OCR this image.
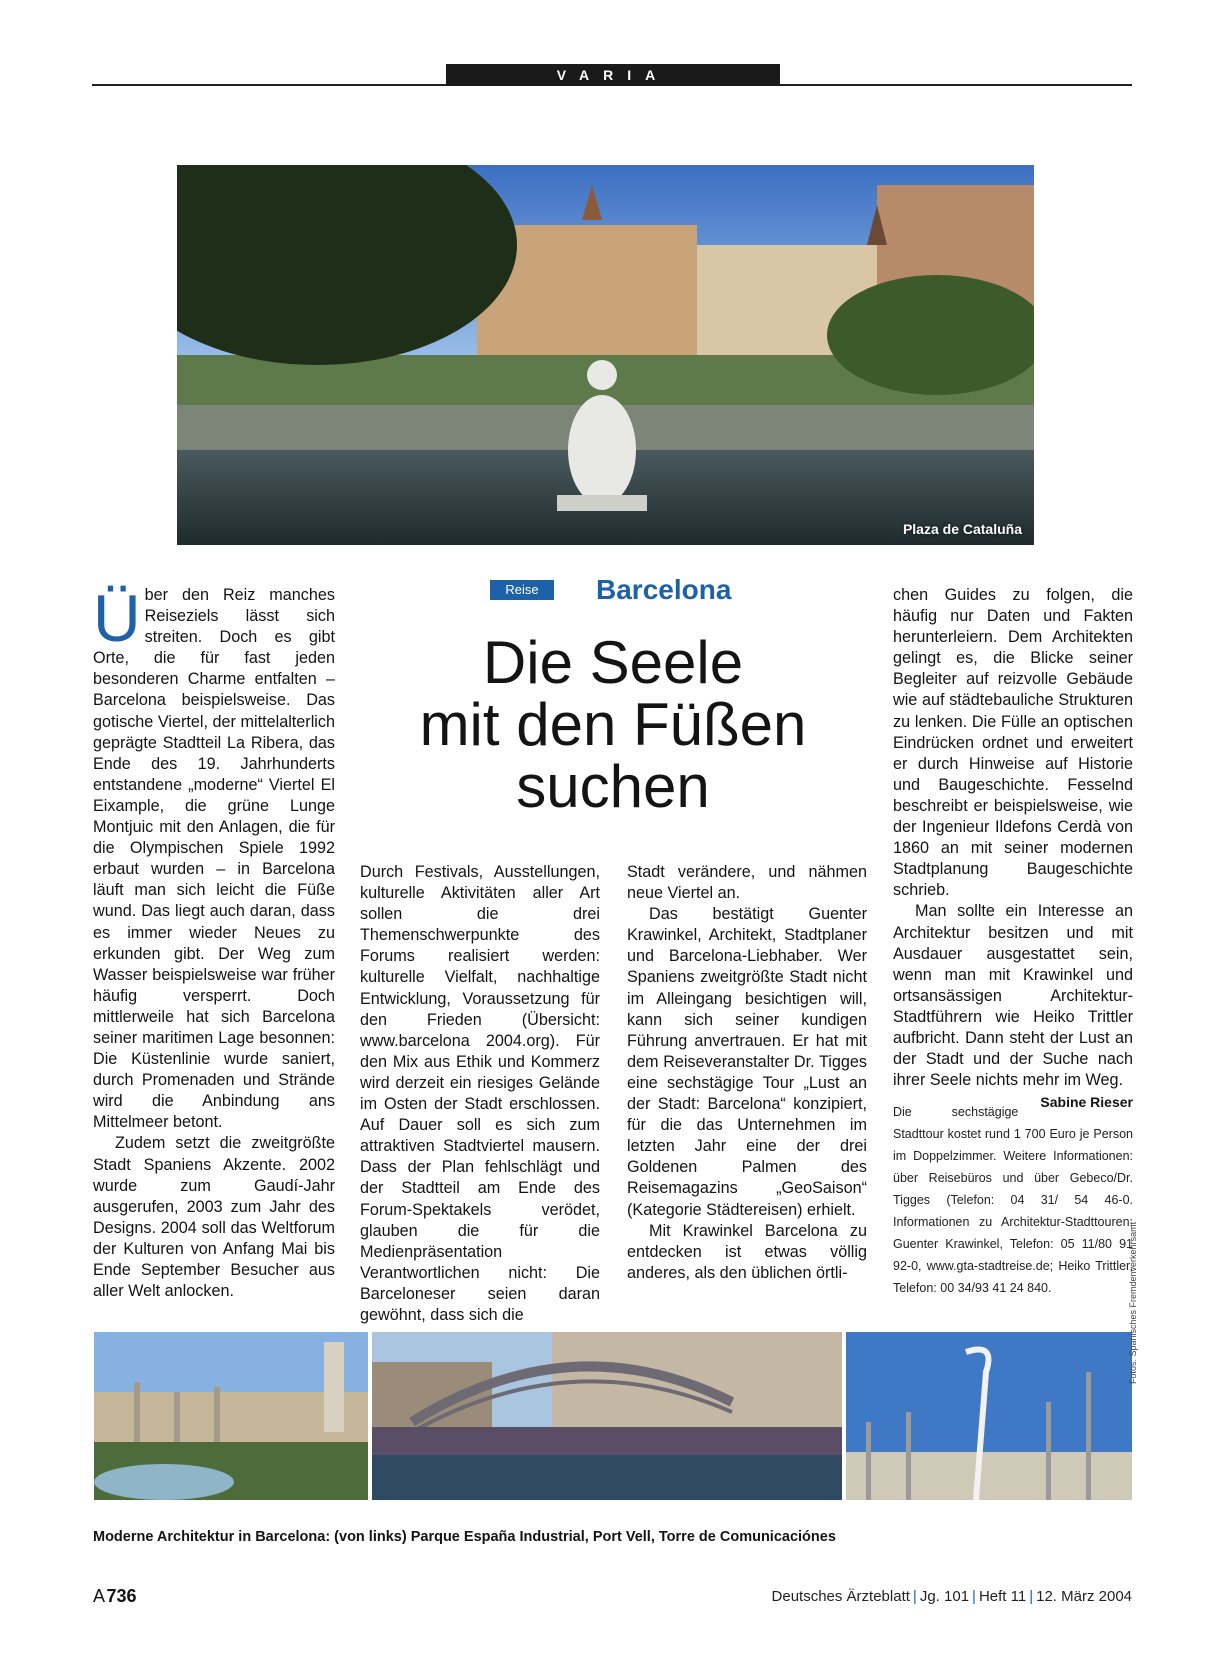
VARIA
Plaza de Cataluña
Ü ber den Reiz manches Reiseziels lässt sich streiten. Doch es gibt Orte, die für fast jeden besonderen Charme entfalten – Barcelona beispielsweise. Das gotische Viertel, der mittelalterlich geprägte Stadtteil La Ribera, das Ende des 19. Jahrhunderts entstandene „moderne“ Viertel El Eixample, die grüne Lunge Montjuic mit den Anlagen, die für die Olympischen Spiele 1992 erbaut wurden – in Barcelona läuft man sich leicht die Füße wund. Das liegt auch daran, dass es immer wieder Neues zu erkunden gibt. Der Weg zum Wasser beispielsweise war früher häufig versperrt. Doch mittlerweile hat sich Barcelona seiner maritimen Lage besonnen: Die Küstenlinie wurde saniert, durch Promenaden und Strände wird die Anbindung ans Mittelmeer betont.

Zudem setzt die zweitgrößte Stadt Spaniens Akzente. 2002 wurde zum Gaudí-Jahr ausgerufen, 2003 zum Jahr des Designs. 2004 soll das Weltforum der Kulturen von Anfang Mai bis Ende September Besucher aus aller Welt anlocken.

Reise	Barcelona
Die Seele
mit den Füßen
suchen

Durch Festivals, Ausstellungen, kulturelle Aktivitäten aller Art sollen die drei Themenschwerpunkte des Forums realisiert werden: kulturelle Vielfalt, nachhaltige Entwicklung, Voraussetzung für den Frieden (Übersicht: www.barcelona 2004.org). Für den Mix aus Ethik und Kommerz wird derzeit ein riesiges Gelände im Osten der Stadt erschlossen. Auf Dauer soll es sich zum attraktiven Stadtviertel mausern. Dass der Plan fehlschlägt und der Stadtteil am Ende des Forum-Spektakels verödet, glauben die für die Medienpräsentation Verantwortlichen nicht: Die Barceloneser seien daran gewöhnt, dass sich die

Stadt verändere, und nähmen neue Viertel an.

Das bestätigt Guenter Krawinkel, Architekt, Stadtplaner und Barcelona-Liebhaber. Wer Spaniens zweitgrößte Stadt nicht im Alleingang besichtigen will, kann sich seiner kundigen Führung anvertrauen. Er hat mit dem Reiseveranstalter Dr. Tigges eine sechstägige Tour „Lust an der Stadt: Barcelona“ konzipiert, für die das Unternehmen im letzten Jahr eine der drei Goldenen Palmen des Reisemagazins „GeoSaison“ (Kategorie Städtereisen) erhielt.

Mit Krawinkel Barcelona zu entdecken ist etwas völlig anderes, als den üblichen örtli-

chen Guides zu folgen, die häufig nur Daten und Fakten herunterleiern. Dem Architekten gelingt es, die Blicke seiner Begleiter auf reizvolle Gebäude wie auf städtebauliche Strukturen zu lenken. Die Fülle an optischen Eindrücken ordnet und erweitert er durch Hinweise auf Historie und Baugeschichte. Fesselnd beschreibt er beispielsweise, wie der Ingenieur Ildefons Cerdà von 1860 an mit seiner modernen Stadtplanung Baugeschichte schrieb.

Man sollte ein Interesse an Architektur besitzen und mit Ausdauer ausgestattet sein, wenn man mit Krawinkel und ortsansässigen Architektur-Stadtführern wie Heiko Trittler aufbricht. Dann steht der Lust an der Stadt und der Suche nach ihrer Seele nichts mehr im Weg.
Sabine Rieser

Die sechstägige Stadttour kostet rund 1 700 Euro je Person im Doppelzimmer. Weitere Informationen: über Reisebüros und über Gebeco/Dr. Tigges (Telefon: 04 31/ 54 46-0. Informationen zu Architektur-Stadttouren: Guenter Krawinkel, Telefon: 05 11/80 91 92-0, www.gta-stadtreise.de; Heiko Trittler, Telefon: 00 34/93 41 24 840.	Fotos: Spanisches Fremdenverkehrsamt
Moderne Architektur in Barcelona: (von links) Parque España Industrial, Port Vell, Torre de Comunicaciónes
A 736	Deutsches Ärzteblatt | Jg. 101 | Heft 11 | 12. März 2004
